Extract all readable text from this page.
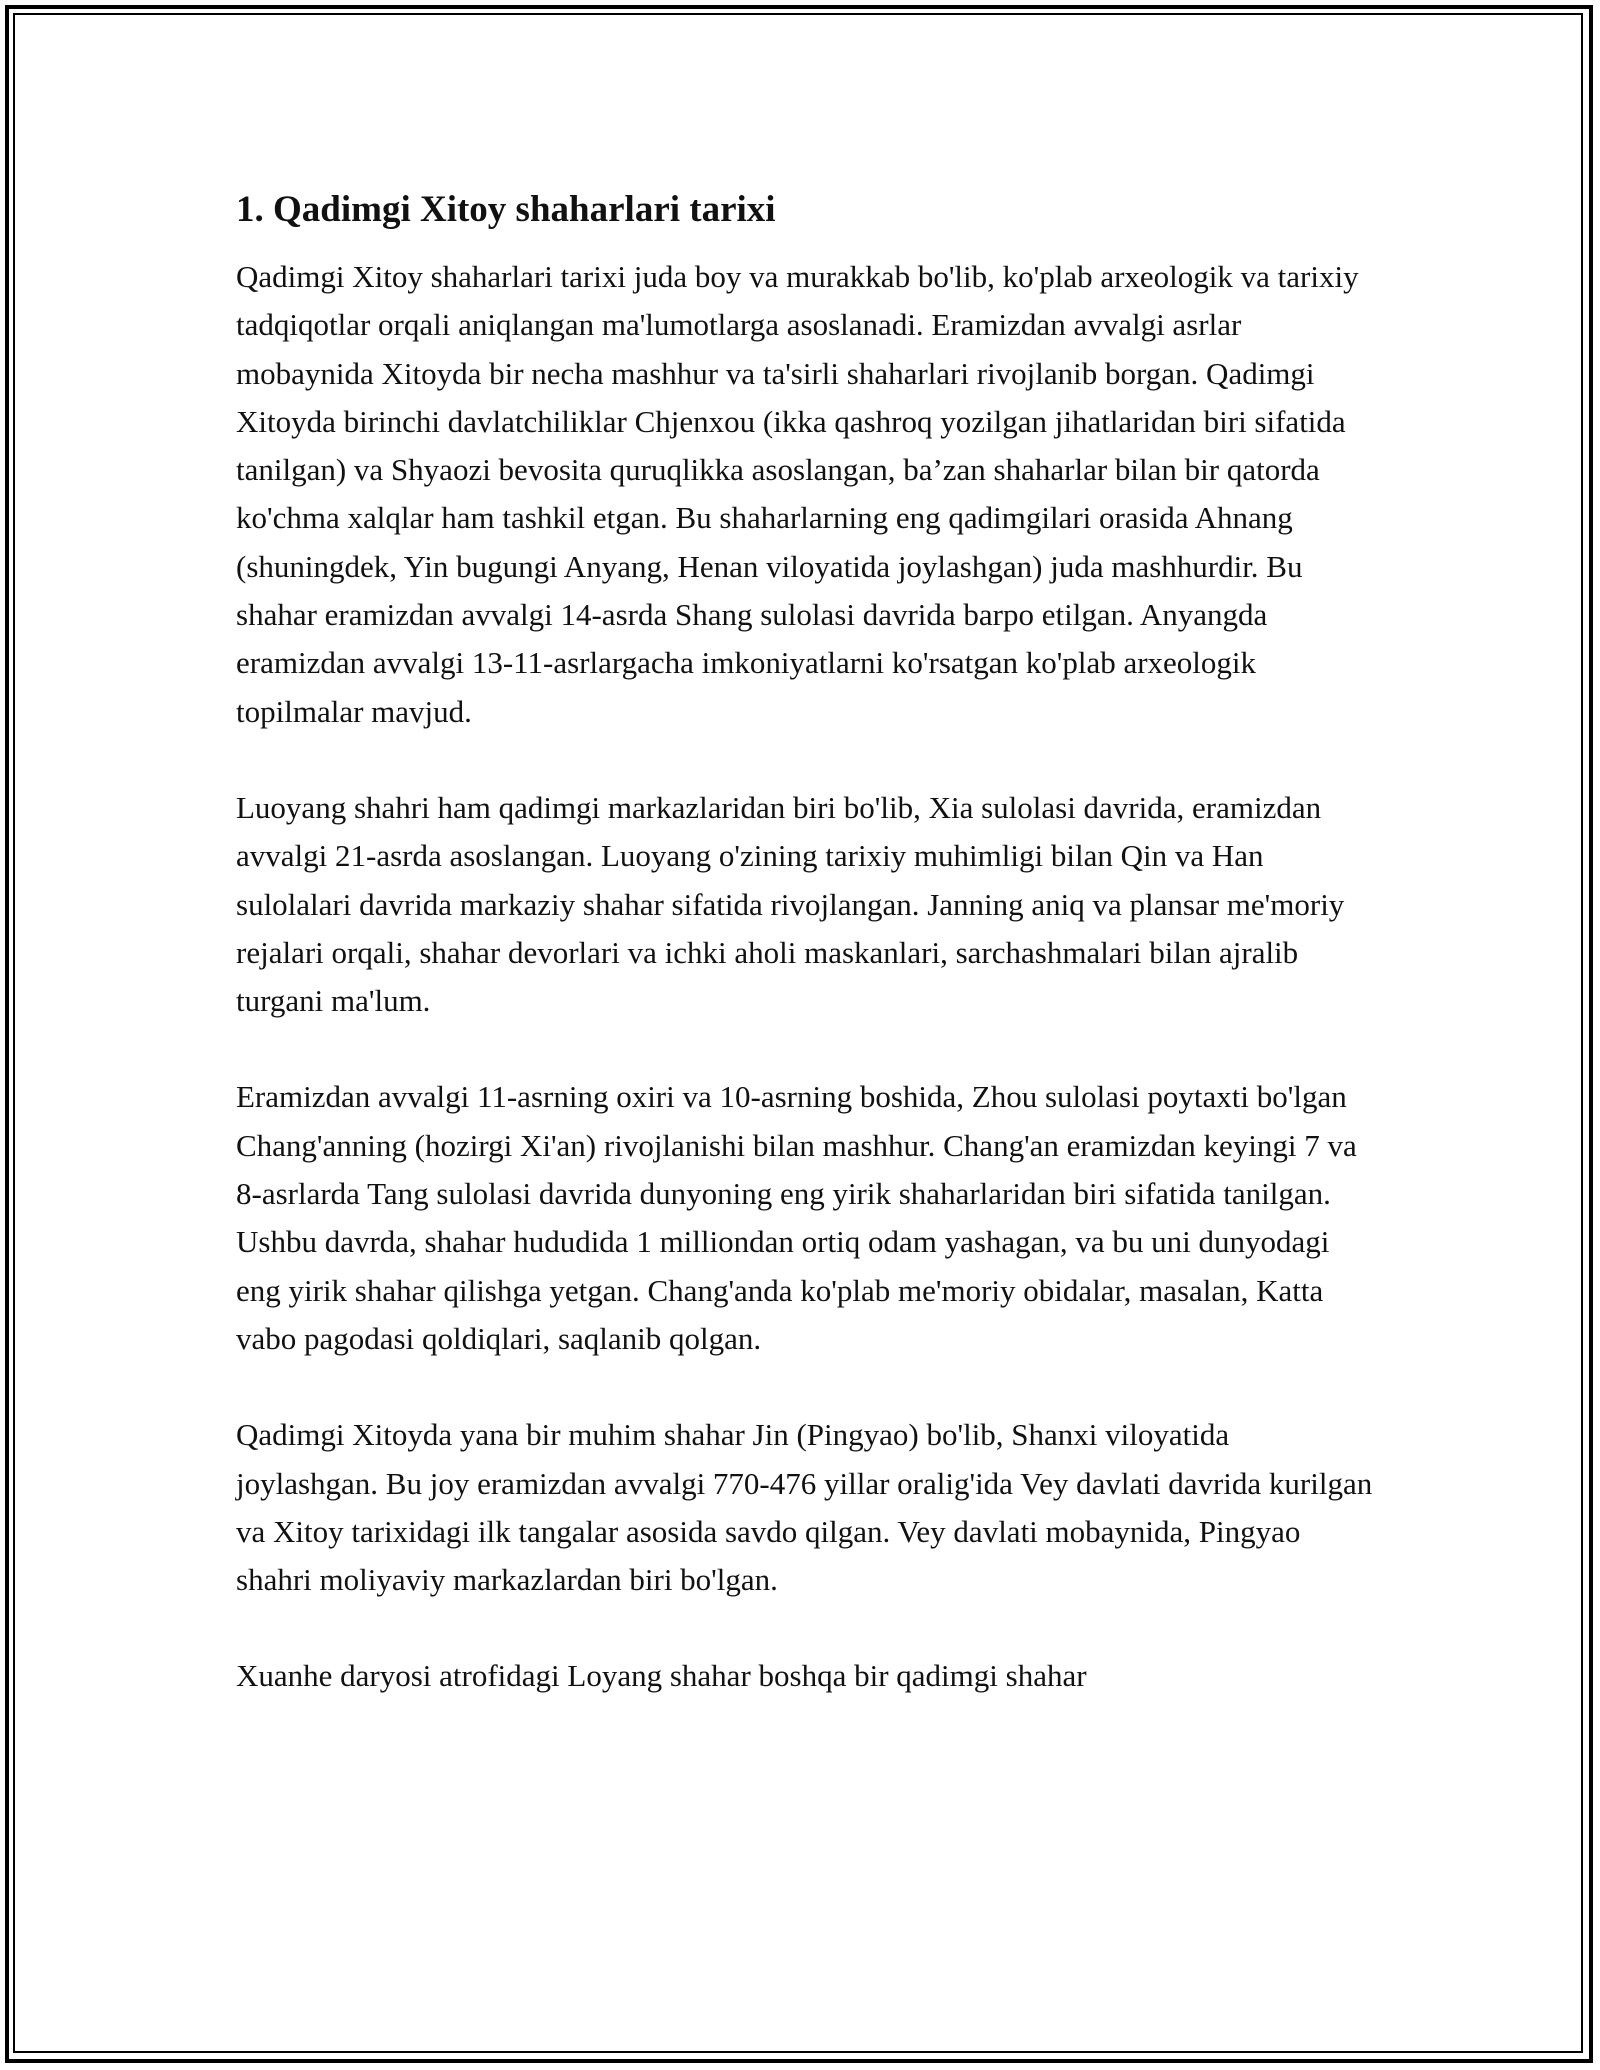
1. Qadimgi Xitoy shaharlari tarixi

Qadimgi Xitoy shaharlari tarixi juda boy va murakkab bo'lib, ko'plab arxeologik va tarixiy tadqiqotlar orqali aniqlangan ma'lumotlarga asoslanadi. Eramizdan avvalgi asrlar mobaynida Xitoyda bir necha mashhur va ta'sirli shaharlari rivojlanib borgan. Qadimgi Xitoyda birinchi davlatchiliklar Chjenxou (ikka qashroq yozilgan jihatlaridan biri sifatida tanilgan) va Shyaozi bevosita quruqlikka asoslangan, ba’zan shaharlar bilan bir qatorda ko'chma xalqlar ham tashkil etgan. Bu shaharlarning eng qadimgilari orasida Ahnang (shuningdek, Yin bugungi Anyang, Henan viloyatida joylashgan) juda mashhurdir. Bu shahar eramizdan avvalgi 14-asrda Shang sulolasi davrida barpo etilgan. Anyangda eramizdan avvalgi 13-11-asrlargacha imkoniyatlarni ko'rsatgan ko'plab arxeologik topilmalar mavjud.

Luoyang shahri ham qadimgi markazlaridan biri bo'lib, Xia sulolasi davrida, eramizdan avvalgi 21-asrda asoslangan. Luoyang o'zining tarixiy muhimligi bilan Qin va Han sulolalari davrida markaziy shahar sifatida rivojlangan. Janning aniq va plansar me'moriy rejalari orqali, shahar devorlari va ichki aholi maskanlari, sarchashmalari bilan ajralib turgani ma'lum.

Eramizdan avvalgi 11-asrning oxiri va 10-asrning boshida, Zhou sulolasi poytaxti bo'lgan Chang'anning (hozirgi Xi'an) rivojlanishi bilan mashhur. Chang'an eramizdan keyingi 7 va 8-asrlarda Tang sulolasi davrida dunyoning eng yirik shaharlaridan biri sifatida tanilgan. Ushbu davrda, shahar hududida 1 milliondan ortiq odam yashagan, va bu uni dunyodagi eng yirik shahar qilishga yetgan. Chang'anda ko'plab me'moriy obidalar, masalan, Katta vabo pagodasi qoldiqlari, saqlanib qolgan.

Qadimgi Xitoyda yana bir muhim shahar Jin (Pingyao) bo'lib, Shanxi viloyatida joylashgan. Bu joy eramizdan avvalgi 770-476 yillar oralig'ida Vey davlati davrida kurilgan va Xitoy tarixidagi ilk tangalar asosida savdo qilgan. Vey davlati mobaynida, Pingyao shahri moliyaviy markazlardan biri bo'lgan.

Xuanhe daryosi atrofidagi Loyang shahar boshqa bir qadimgi shahar
